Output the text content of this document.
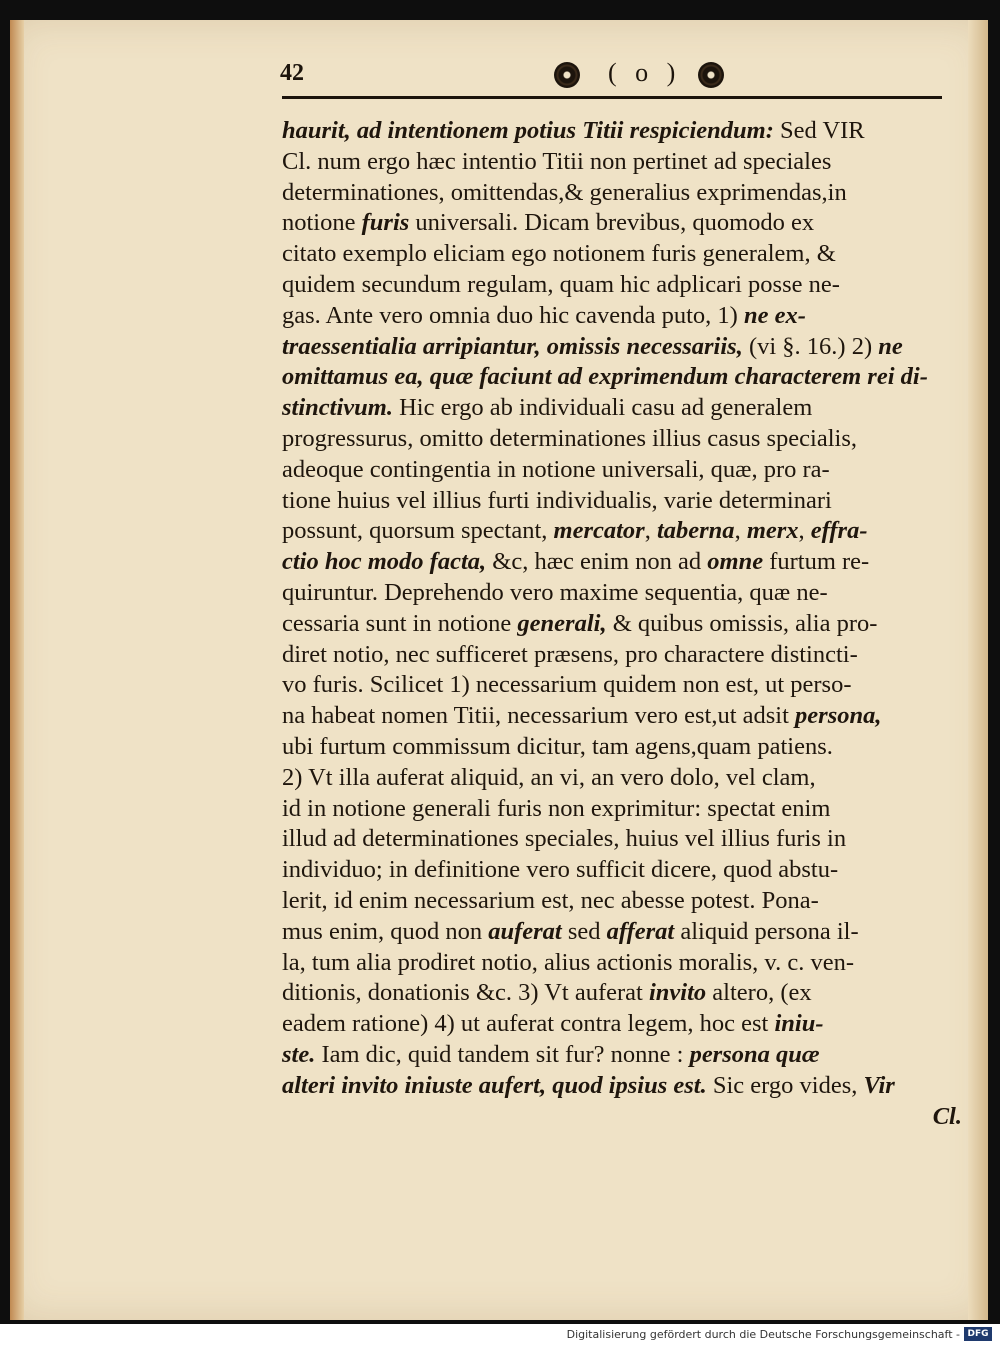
42	( o )
haurit, ad intentionem potius Titii respiciendum: Sed VIR
Cl. num ergo hæc intentio Titii non pertinet ad speciales
determinationes, omittendas,& generalius exprimendas,in
notione furis universali. Dicam brevibus, quomodo ex
citato exemplo eliciam ego notionem furis generalem, &
quidem secundum regulam, quam hic adplicari posse ne-
gas. Ante vero omnia duo hic cavenda puto, 1) ne ex-
traessentialia arripiantur, omissis necessariis, (vi §. 16.) 2) ne
omittamus ea, quæ faciunt ad exprimendum characterem rei di-
stinctivum. Hic ergo ab individuali casu ad generalem
progressurus, omitto determinationes illius casus specialis,
adeoque contingentia in notione universali, quæ, pro ra-
tione huius vel illius furti individualis, varie determinari
possunt, quorsum spectant, mercator, taberna, merx, effra-
ctio hoc modo facta, &c, hæc enim non ad omne furtum re-
quiruntur. Deprehendo vero maxime sequentia, quæ ne-
cessaria sunt in notione generali, & quibus omissis, alia pro-
diret notio, nec sufficeret præsens, pro charactere distincti-
vo furis. Scilicet 1) necessarium quidem non est, ut perso-
na habeat nomen Titii, necessarium vero est,ut adsit persona,
ubi furtum commissum dicitur, tam agens,quam patiens.
2) Vt illa auferat aliquid, an vi, an vero dolo, vel clam,
id in notione generali furis non exprimitur: spectat enim
illud ad determinationes speciales, huius vel illius furis in
individuo; in definitione vero sufficit dicere, quod abstu-
lerit, id enim necessarium est, nec abesse potest. Pona-
mus enim, quod non auferat sed afferat aliquid persona il-
la, tum alia prodiret notio, alius actionis moralis, v. c. ven-
ditionis, donationis &c. 3) Vt auferat invito altero, (ex
eadem ratione) 4) ut auferat contra legem, hoc est iniu-
ste. Iam dic, quid tandem sit fur? nonne : persona quæ
alteri invito iniuste aufert, quod ipsius est. Sic ergo vides, Vir
Cl.
Digitalisierung gefördert durch die Deutsche Forschungsgemeinschaft - DFG
